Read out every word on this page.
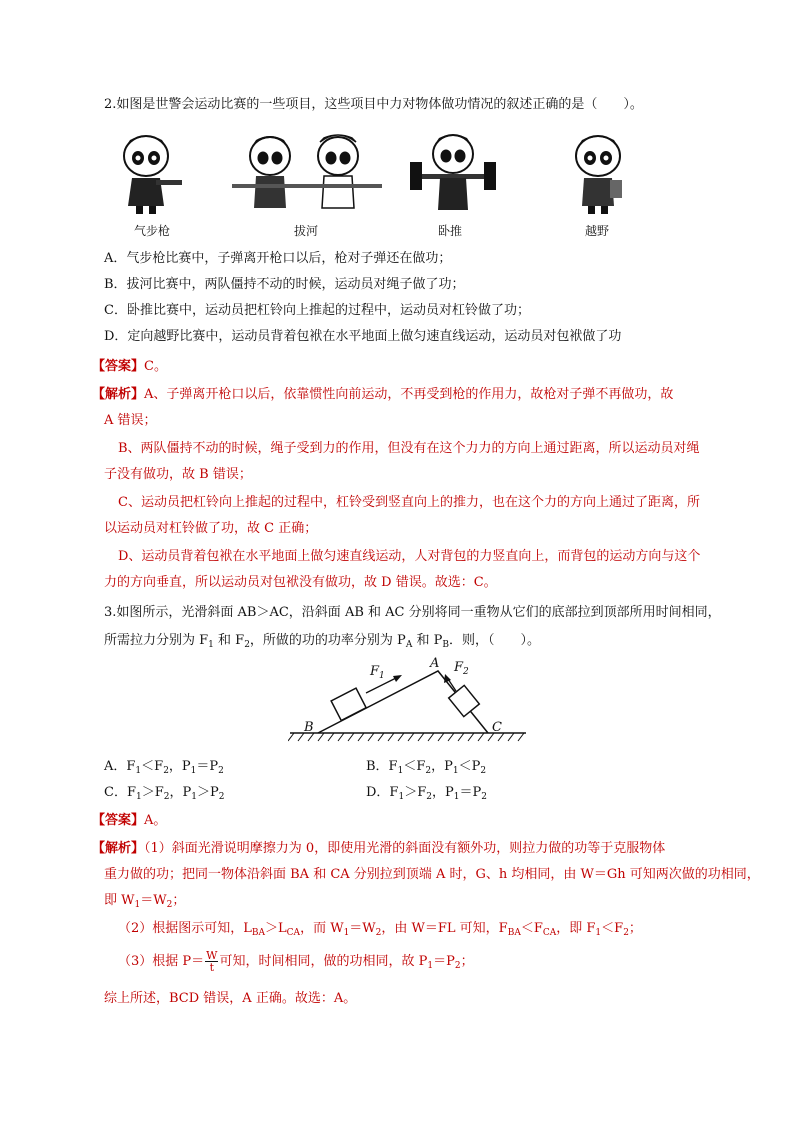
2.如图是世警会运动比赛的一些项目，这些项目中力对物体做功情况的叙述正确的是（　　）。
气步枪	拔河	卧推	越野
A．气步枪比赛中，子弹离开枪口以后，枪对子弹还在做功；
B．拔河比赛中，两队僵持不动的时候，运动员对绳子做了功；
C．卧推比赛中，运动员把杠铃向上推起的过程中，运动员对杠铃做了功；
D．定向越野比赛中，运动员背着包袱在水平地面上做匀速直线运动，运动员对包袱做了功
【答案】C。
【解析】A、子弹离开枪口以后，依靠惯性向前运动，不再受到枪的作用力，故枪对子弹不再做功，故
A 错误；
B、两队僵持不动的时候，绳子受到力的作用，但没有在这个力力的方向上通过距离，所以运动员对绳
子没有做功，故 B 错误；
C、运动员把杠铃向上推起的过程中，杠铃受到竖直向上的推力，也在这个力的方向上通过了距离，所
以运动员对杠铃做了功，故 C 正确；
D、运动员背着包袱在水平地面上做匀速直线运动，人对背包的力竖直向上，而背包的运动方向与这个
力的方向垂直，所以运动员对包袱没有做功，故 D 错误。故选：C。
3.如图所示，光滑斜面 AB＞AC，沿斜面 AB 和 AC 分别将同一重物从它们的底部拉到顶部所用时间相同，
所需拉力分别为 $F_1$ 和 $F_2$，所做的功的功率分别为 $P_A$ 和 $P_B$．则，（　　）。
$F_1$
A $F_2$
B	C
A．$F_1<F_2$，$P_1=P_2$	B．$F_1<F_2$，$P_1<P_2$
C．$F_1>F_2$，$P_1>P_2$	D．$F_1>F_2$，$P_1=P_2$
【答案】A。
【解析】（1）斜面光滑说明摩擦力为 0，即使用光滑的斜面没有额外功，则拉力做的功等于克服物体
重力做的功；把同一物体沿斜面 BA 和 CA 分别拉到顶端 A 时，G、h 均相同，由 W＝Gh 可知两次做的功相同，
即 $W_1=W_2$；
（2）根据图示可知，$L_{BA}>L_{CA}$，而 $W_1=W_2$，由 W＝FL 可知，$F_{BA}<F_{CA}$，即 $F_1<F_2$；
（3）根据 $P= \frac{W}{t}$ 可知，时间相同，做的功相同，故 $P_1=P_2$；
综上所述，BCD 错误，A 正确。故选：A。
